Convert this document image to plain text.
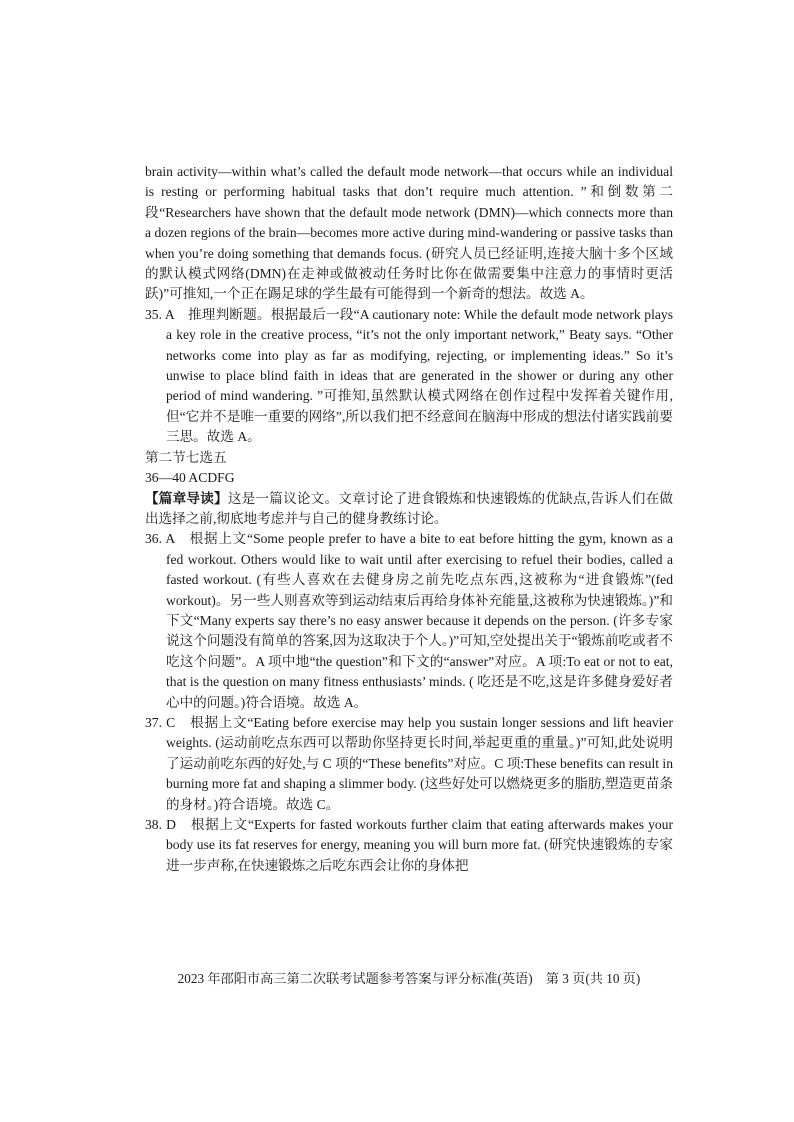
brain activity—within what’s called the default mode network—that occurs while an individual is resting or performing habitual tasks that don’t require much attention. ”和倒数第二段“Researchers have shown that the default mode network (DMN)—which connects more than a dozen regions of the brain—becomes more active during mind-wandering or passive tasks than when you’re doing something that demands focus. (研究人员已经证明,连接大脑十多个区域的默认模式网络(DMN)在走神或做被动任务时比你在做需要集中注意力的事情时更活跃)”可推知,一个正在踢足球的学生最有可能得到一个新奇的想法。故选 A。

35. A　推理判断题。根据最后一段“A cautionary note: While the default mode network plays a key role in the creative process, “it’s not the only important network,” Beaty says. “Other networks come into play as far as modifying, rejecting, or implementing ideas.” So it’s unwise to place blind faith in ideas that are generated in the shower or during any other period of mind wandering. ”可推知,虽然默认模式网络在创作过程中发挥着关键作用,但“它并不是唯一重要的网络”,所以我们把不经意间在脑海中形成的想法付诸实践前要三思。故选 A。

第二节七选五

36—40 ACDFG

【篇章导读】这是一篇议论文。文章讨论了进食锻炼和快速锻炼的优缺点,告诉人们在做出选择之前,彻底地考虑并与自己的健身教练讨论。

36. A　根据上文“Some people prefer to have a bite to eat before hitting the gym, known as a fed workout. Others would like to wait until after exercising to refuel their bodies, called a fasted workout. (有些人喜欢在去健身房之前先吃点东西,这被称为“进食锻炼”(fed workout)。另一些人则喜欢等到运动结束后再给身体补充能量,这被称为快速锻炼。)”和下文“Many experts say there’s no easy answer because it depends on the person. (许多专家说这个问题没有简单的答案,因为这取决于个人。)”可知,空处提出关于“锻炼前吃或者不吃这个问题”。A 项中地“the question”和下文的“answer”对应。A 项:To eat or not to eat, that is the question on many fitness enthusiasts’ minds. ( 吃还是不吃,这是许多健身爱好者心中的问题。)符合语境。故选 A。

37. C　根据上文“Eating before exercise may help you sustain longer sessions and lift heavier weights. (运动前吃点东西可以帮助你坚持更长时间,举起更重的重量。)”可知,此处说明了运动前吃东西的好处,与 C 项的“These benefits”对应。C 项:These benefits can result in burning more fat and shaping a slimmer body. (这些好处可以燃烧更多的脂肪,塑造更苗条的身材。)符合语境。故选 C。

38. D　根据上文“Experts for fasted workouts further claim that eating afterwards makes your body use its fat reserves for energy, meaning you will burn more fat. (研究快速锻炼的专家进一步声称,在快速锻炼之后吃东西会让你的身体把

2023 年邵阳市高三第二次联考试题参考答案与评分标准(英语)　第 3 页(共 10 页)
